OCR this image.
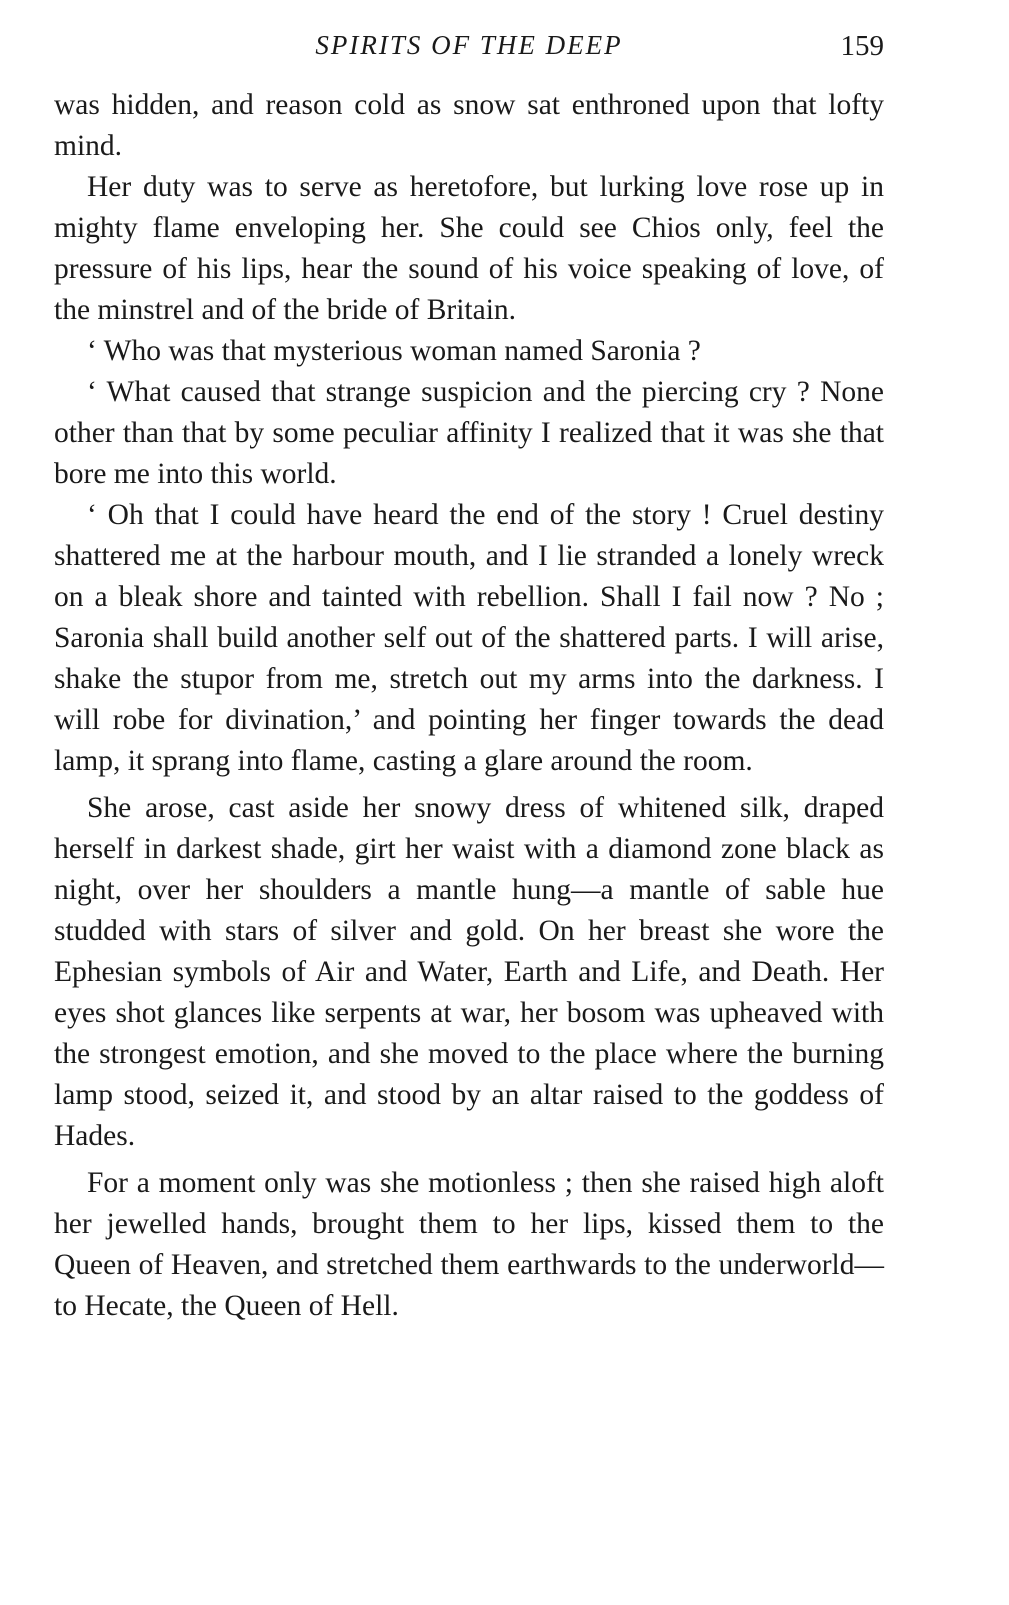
SPIRITS OF THE DEEP	159

was hidden, and reason cold as snow sat enthroned upon that lofty mind.

Her duty was to serve as heretofore, but lurking love rose up in mighty flame enveloping her. She could see Chios only, feel the pressure of his lips, hear the sound of his voice speaking of love, of the minstrel and of the bride of Britain.

‘ Who was that mysterious woman named Saronia ?

‘ What caused that strange suspicion and the piercing cry ? None other than that by some peculiar affinity I realized that it was she that bore me into this world.

‘ Oh that I could have heard the end of the story ! Cruel destiny shattered me at the harbour mouth, and I lie stranded a lonely wreck on a bleak shore and tainted with rebellion. Shall I fail now ? No ; Saronia shall build another self out of the shattered parts. I will arise, shake the stupor from me, stretch out my arms into the darkness. I will robe for divination,’ and pointing her finger towards the dead lamp, it sprang into flame, casting a glare around the room.

She arose, cast aside her snowy dress of whitened silk, draped herself in darkest shade, girt her waist with a diamond zone black as night, over her shoulders a mantle hung—a mantle of sable hue studded with stars of silver and gold. On her breast she wore the Ephesian symbols of Air and Water, Earth and Life, and Death. Her eyes shot glances like serpents at war, her bosom was upheaved with the strongest emotion, and she moved to the place where the burning lamp stood, seized it, and stood by an altar raised to the goddess of Hades.

For a moment only was she motionless ; then she raised high aloft her jewelled hands, brought them to her lips, kissed them to the Queen of Heaven, and stretched them earthwards to the underworld—to Hecate, the Queen of Hell.
